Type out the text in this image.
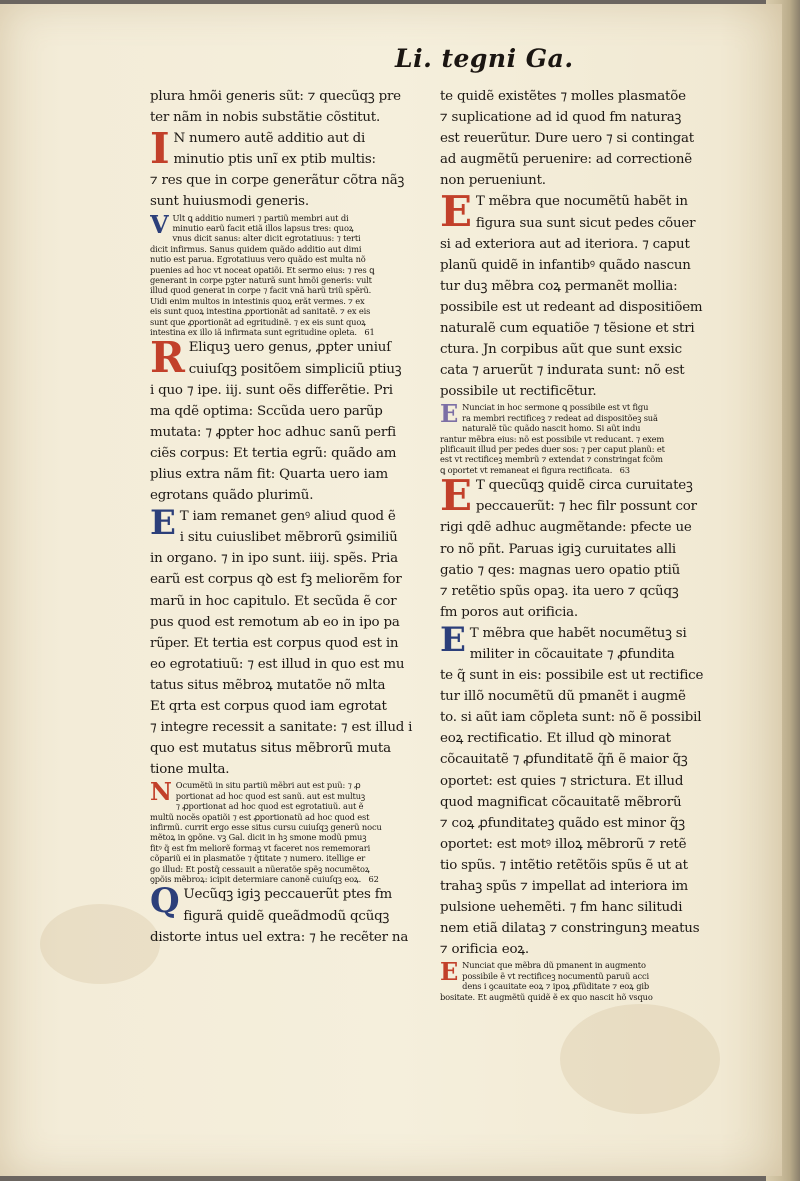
Li. tegni Ga.
plura hmõi generis sũt: ⁊ quecũqꝫ pre
ter nãm in nobis substãtie cõstitut.
I N numero autẽ additio aut di
minutio ptis unĩ ex ptib multis:
⁊ res que in corpe generãtur cõtra nãꝫ
sunt huiusmodi generis.
V Ult ꝗ additio numeri ⁊ partiũ membri aut di
minutio earũ facit etiã illos lapsus tres: quoꝝ
vnus dicit sanus: alter dicit egrotatiuus: ⁊ terti
dicit infirmus. Sanus quidem quãdo additio aut dimi
nutio est parua. Egrotatiuus vero quãdo est multa nõ
puenies ad hoc vt noceat opatiõi. Et sermo eius: ⁊ res ꝗ
generant in corpe pꝫter naturã sunt hmõi generis: vult
illud quod generat in corpe ⁊ facit vnã harũ triũ spẽrũ.
Uidi enim multos in intestinis quoꝝ erãt vermes. ⁊ ex
eis sunt quoꝝ intestina ꝓportionãt ad sanitatẽ. ⁊ ex eis
sunt que ꝓportionãt ad egritudinẽ. ⁊ ex eis sunt quoꝝ
intestina ex illo iã infirmata sunt egritudine opleta.   61
R Eliquꝫ uero genus, ꝓpter uniuſ
cuiuſqꝫ positõem simpliciũ ptiuꝫ
i quo ⁊ ipe. iij. sunt oẽs differẽtie. Pri
ma qdẽ optima: Sccũda uero parũp
mutata: ⁊ ꝓpter hoc adhuc sanũ perfi
ciẽs corpus: Et tertia egrũ: quãdo am
plius extra nãm fit: Quarta uero iam
egrotans quãdo plurimũ.
E T iam remanet genꝰ aliud quod ẽ
i situ cuiuslibet mẽbrorũ ꝯsimiliũ
in organo. ⁊ in ipo sunt. iiij. spẽs. Pria
earũ est corpus qꝺ est fꝫ meliorẽm for
marũ in hoc capitulo. Et secũda ẽ cor
pus quod est remotum ab eo in ipo pa
rũper. Et tertia est corpus quod est in
eo egrotatiuũ: ⁊ est illud in quo est mu
tatus situs mẽbroꝝ mutatõe nõ mlta
Et qrta est corpus quod iam egrotat
⁊ integre recessit a sanitate: ⁊ est illud i
quo est mutatus situs mẽbrorũ muta
tione multa.
N Ocumẽtũ in situ partiũ mẽbri aut est puũ: ⁊ ꝓ
portionat ad hoc quod est sanũ. aut est multuꝫ
⁊ ꝓportionat ad hoc quod est egrotatiuũ. aut ẽ
multũ nocẽs opatiõi ⁊ est ꝓportionatũ ad hoc quod est
infirmũ. currit ergo esse situs cursu cuiuſqꝫ generũ nocu
mẽtoꝝ in ꝯpõne. vꝫ Gal. dicit in hꝫ smone modũ pmuꝫ
fitꝰ q̃ est fm meliorẽ formaꝫ vt faceret nos rememorari
cõpariũ ei in plasmatõe ⁊ q̃titate ⁊ numero. itellige er
go illud: Et postq̃ cessauit a nũeratõe spẽꝫ nocumẽtoꝝ
ꝯpõis mẽbroꝝ: icipit determiare canonẽ cuiuſqꝫ eoꝝ.   62
Q Uecũqꝫ igiꝫ peccauerũt ptes fm
figurã quidẽ queãdmodũ qcũqꝫ
distorte intus uel extra: ⁊ he recẽter na
te quidẽ existẽtes ⁊ molles plasmatõe
⁊ suplicatione ad id quod fm naturaꝫ
est reuerũtur. Dure uero ⁊ si contingat
ad augmẽtũ peruenire: ad correctionẽ
non perueniunt.
E T mẽbra que nocumẽtũ habẽt in
figura sua sunt sicut pedes cõuer
si ad exteriora aut ad iteriora. ⁊ caput
planũ quidẽ in infantibꝰ quãdo nascun
tur duꝫ mẽbra coꝝ permanẽt mollia:
possibile est ut redeant ad dispositiõem
naturalẽ cum equatiõe ⁊ tẽsione et stri
ctura. Jn corpibus aũt que sunt exsic
cata ⁊ aruerũt ⁊ indurata sunt: nõ est
possibile ut rectificẽtur.
E Nunciat in hoc sermone ꝗ possibile est vt figu
ra membri rectificeꝫ ⁊ redeat ad dispositõeꝫ suã
naturalẽ tũc quãdo nascit homo. Si aũt indu
rantur mẽbra eius: nõ est possibile vt reducant. ⁊ exem
plificauit illud per pedes duer sos: ⁊ per caput planũ: et
est vt rectificeꝫ membrũ ⁊ extendat ⁊ constringat fcõm
ꝗ oportet vt remaneat ei figura rectificata.   63
E T quecũqꝫ quidẽ circa curuitateꝫ
peccauerũt: ⁊ hec filr possunt cor
rigi qdẽ adhuc augmẽtande: pfecte ue
ro nõ pñt. Paruas igiꝫ curuitates alli
gatio ⁊ qes: magnas uero opatio ptiũ
⁊ retẽtio spũs opaꝫ. ita uero ⁊ qcũqꝫ
fm poros aut orificia.
E T mẽbra que habẽt nocumẽtuꝫ si
militer in cõcauitate ⁊ ꝓfundita
te q̃ sunt in eis: possibile est ut rectifice
tur illõ nocumẽtũ dũ pmanẽt i augmẽ
to. si aũt iam cõpleta sunt: nõ ẽ possibil
eoꝝ rectificatio. Et illud qꝺ minorat
cõcauitatẽ ⁊ ꝓfunditatẽ q̃ñ ẽ maior q̃ꝫ
oportet: est quies ⁊ strictura. Et illud
quod magnificat cõcauitatẽ mẽbrorũ
⁊ coꝝ ꝓfunditateꝫ quãdo est minor q̃ꝫ
oportet: est motꝰ illoꝝ mẽbrorũ ⁊ retẽ
tio spũs. ⁊ intẽtio retẽtõis spũs ẽ ut at
trahaꝫ spũs ⁊ impellat ad interiora im
pulsione uehemẽti. ⁊ fm hanc silitudi
nem etiã dilataꝫ ⁊ constringunꝫ meatus
⁊ orificia eoꝝ.
E Nunciat que mẽbra dũ pmanent in augmento
possibile ẽ vt rectificeꝫ nocumentũ paruũ acci
dens i ꝯcauitate eoꝝ ⁊ ipoꝝ ꝓfũditate ⁊ eoꝝ gib
bositate. Et augmẽtũ quidẽ ẽ ex quo nascit hõ vsquo
